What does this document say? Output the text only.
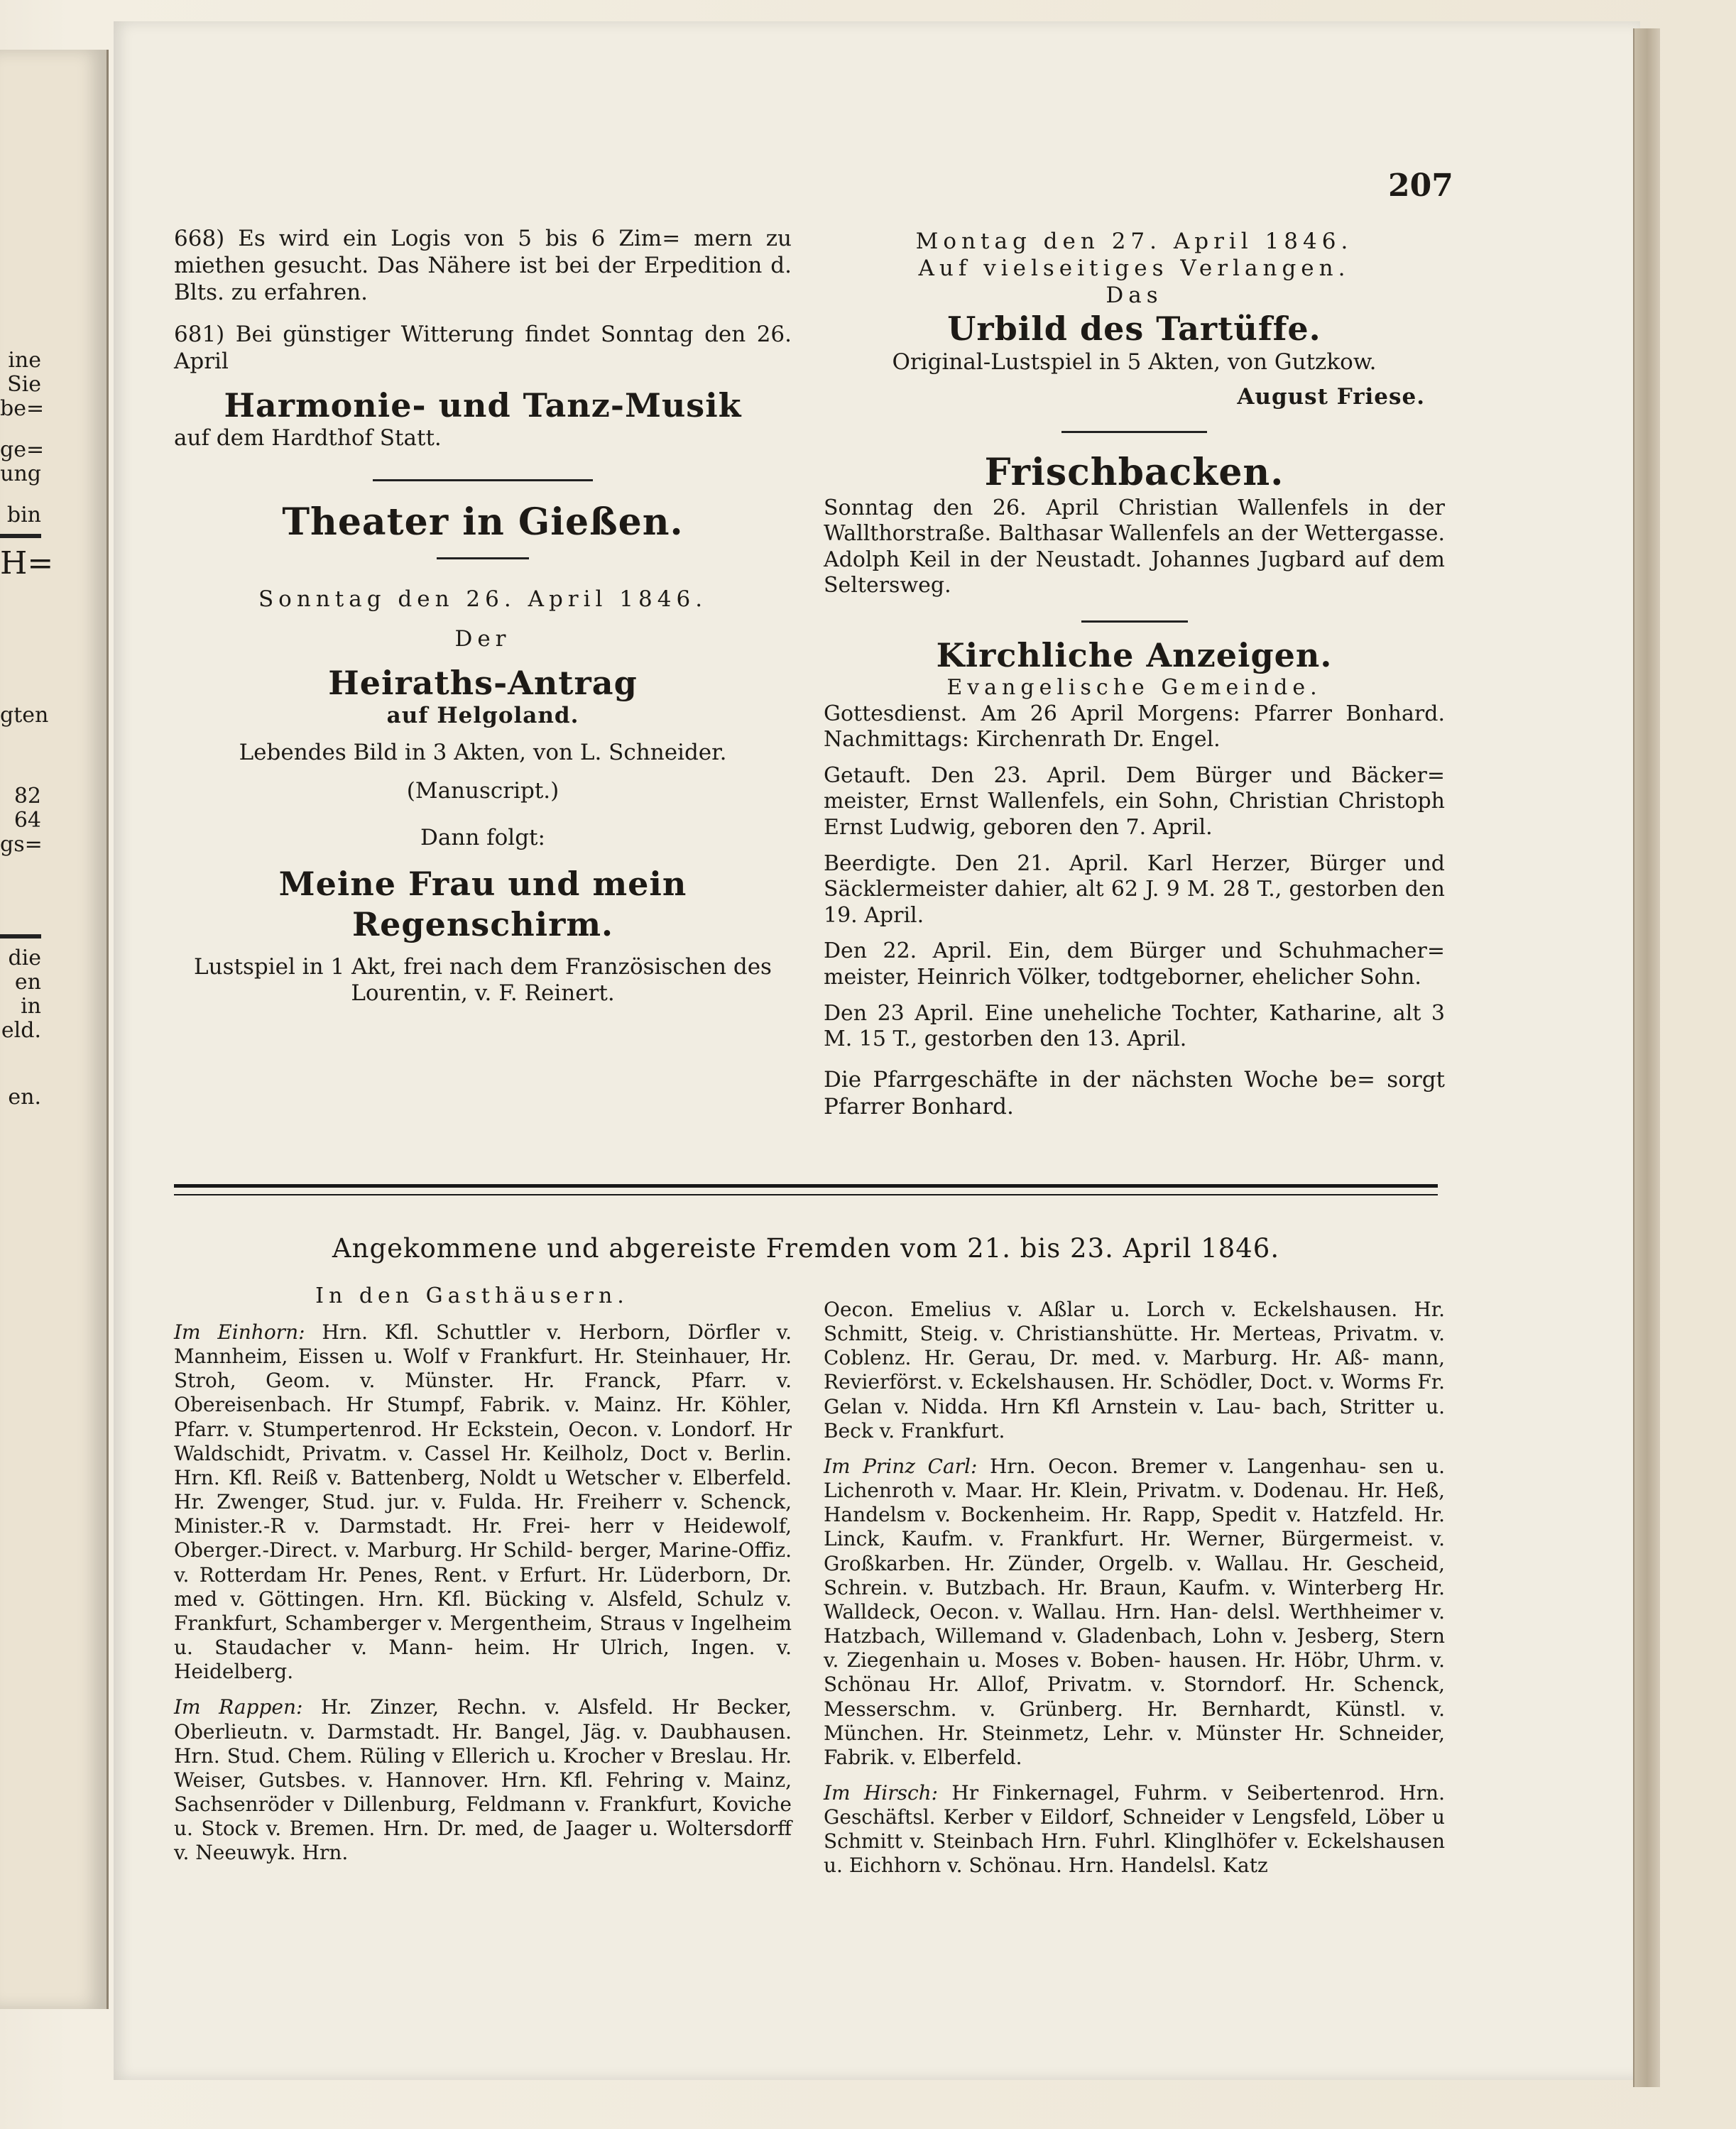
ine
Sie
be=
ge=
ung
bin
H=
gten
82
64
gs=
die
en
in
eld.
en.
207

668) Es wird ein Logis von 5 bis 6 Zim= mern zu miethen gesucht. Das Nähere ist bei der Erpedition d. Blts. zu erfahren.

681) Bei günstiger Witterung findet Sonntag den 26. April

Harmonie- und Tanz-Musik

auf dem Hardthof Statt.

Theater in Gießen.
Sonntag den 26. April 1846.
Der
Heiraths-Antrag
auf Helgoland.
Lebendes Bild in 3 Akten, von L. Schneider.
(Manuscript.)
Dann folgt:
Meine Frau und mein Regenschirm.

Lustspiel in 1 Akt, frei nach dem Französischen des Lourentin, v. F. Reinert.

Montag den 27. April 1846.
Auf vielseitiges Verlangen.
Das
Urbild des Tartüffe.
Original-Lustspiel in 5 Akten, von Gutzkow.
August Friese.
Frischbacken.

Sonntag den 26. April Christian Wallenfels in der Wallthorstraße. Balthasar Wallenfels an der Wettergasse. Adolph Keil in der Neustadt. Johannes Jugbard auf dem Seltersweg.

Kirchliche Anzeigen.
Evangelische Gemeinde.

Gottesdienst. Am 26 April Morgens: Pfarrer Bonhard. Nachmittags: Kirchenrath Dr. Engel.

Getauft. Den 23. April. Dem Bürger und Bäcker= meister, Ernst Wallenfels, ein Sohn, Christian Christoph Ernst Ludwig, geboren den 7. April.

Beerdigte. Den 21. April. Karl Herzer, Bürger und Säcklermeister dahier, alt 62 J. 9 M. 28 T., gestorben den 19. April.

Den 22. April. Ein, dem Bürger und Schuhmacher= meister, Heinrich Völker, todtgeborner, ehelicher Sohn.

Den 23 April. Eine uneheliche Tochter, Katharine, alt 3 M. 15 T., gestorben den 13. April.

Die Pfarrgeschäfte in der nächsten Woche be= sorgt Pfarrer Bonhard.

Angekommene und abgereiste Fremden vom 21. bis 23. April 1846.
In den Gasthäusern.

Im Einhorn: Hrn. Kfl. Schuttler v. Herborn, Dörfler v. Mannheim, Eissen u. Wolf v Frankfurt. Hr. Steinhauer, Hr. Stroh, Geom. v. Münster. Hr. Franck, Pfarr. v. Obereisenbach. Hr Stumpf, Fabrik. v. Mainz. Hr. Köhler, Pfarr. v. Stumpertenrod. Hr Eckstein, Oecon. v. Londorf. Hr Waldschidt, Privatm. v. Cassel Hr. Keilholz, Doct v. Berlin. Hrn. Kfl. Reiß v. Battenberg, Noldt u Wetscher v. Elberfeld. Hr. Zwenger, Stud. jur. v. Fulda. Hr. Freiherr v. Schenck, Minister.-R v. Darmstadt. Hr. Frei- herr v Heidewolf, Oberger.-Direct. v. Marburg. Hr Schild- berger, Marine-Offiz. v. Rotterdam Hr. Penes, Rent. v Erfurt. Hr. Lüderborn, Dr. med v. Göttingen. Hrn. Kfl. Bücking v. Alsfeld, Schulz v. Frankfurt, Schamberger v. Mergentheim, Straus v Ingelheim u. Staudacher v. Mann- heim. Hr Ulrich, Ingen. v. Heidelberg.

Im Rappen: Hr. Zinzer, Rechn. v. Alsfeld. Hr Becker, Oberlieutn. v. Darmstadt. Hr. Bangel, Jäg. v. Daubhausen. Hrn. Stud. Chem. Rüling v Ellerich u. Krocher v Breslau. Hr. Weiser, Gutsbes. v. Hannover. Hrn. Kfl. Fehring v. Mainz, Sachsenröder v Dillenburg, Feldmann v. Frankfurt, Koviche u. Stock v. Bremen. Hrn. Dr. med, de Jaager u. Woltersdorff v. Neeuwyk. Hrn.

Oecon. Emelius v. Aßlar u. Lorch v. Eckelshausen. Hr. Schmitt, Steig. v. Christianshütte. Hr. Merteas, Privatm. v. Coblenz. Hr. Gerau, Dr. med. v. Marburg. Hr. Aß- mann, Revierförst. v. Eckelshausen. Hr. Schödler, Doct. v. Worms Fr. Gelan v. Nidda. Hrn Kfl Arnstein v. Lau- bach, Stritter u. Beck v. Frankfurt.

Im Prinz Carl: Hrn. Oecon. Bremer v. Langenhau- sen u. Lichenroth v. Maar. Hr. Klein, Privatm. v. Dodenau. Hr. Heß, Handelsm v. Bockenheim. Hr. Rapp, Spedit v. Hatzfeld. Hr. Linck, Kaufm. v. Frankfurt. Hr. Werner, Bürgermeist. v. Großkarben. Hr. Zünder, Orgelb. v. Wallau. Hr. Gescheid, Schrein. v. Butzbach. Hr. Braun, Kaufm. v. Winterberg Hr. Walldeck, Oecon. v. Wallau. Hrn. Han- delsl. Werthheimer v. Hatzbach, Willemand v. Gladenbach, Lohn v. Jesberg, Stern v. Ziegenhain u. Moses v. Boben- hausen. Hr. Höbr, Uhrm. v. Schönau Hr. Allof, Privatm. v. Storndorf. Hr. Schenck, Messerschm. v. Grünberg. Hr. Bernhardt, Künstl. v. München. Hr. Steinmetz, Lehr. v. Münster Hr. Schneider, Fabrik. v. Elberfeld.

Im Hirsch: Hr Finkernagel, Fuhrm. v Seibertenrod. Hrn. Geschäftsl. Kerber v Eildorf, Schneider v Lengsfeld, Löber u Schmitt v. Steinbach Hrn. Fuhrl. Klinglhöfer v. Eckelshausen u. Eichhorn v. Schönau. Hrn. Handelsl. Katz
